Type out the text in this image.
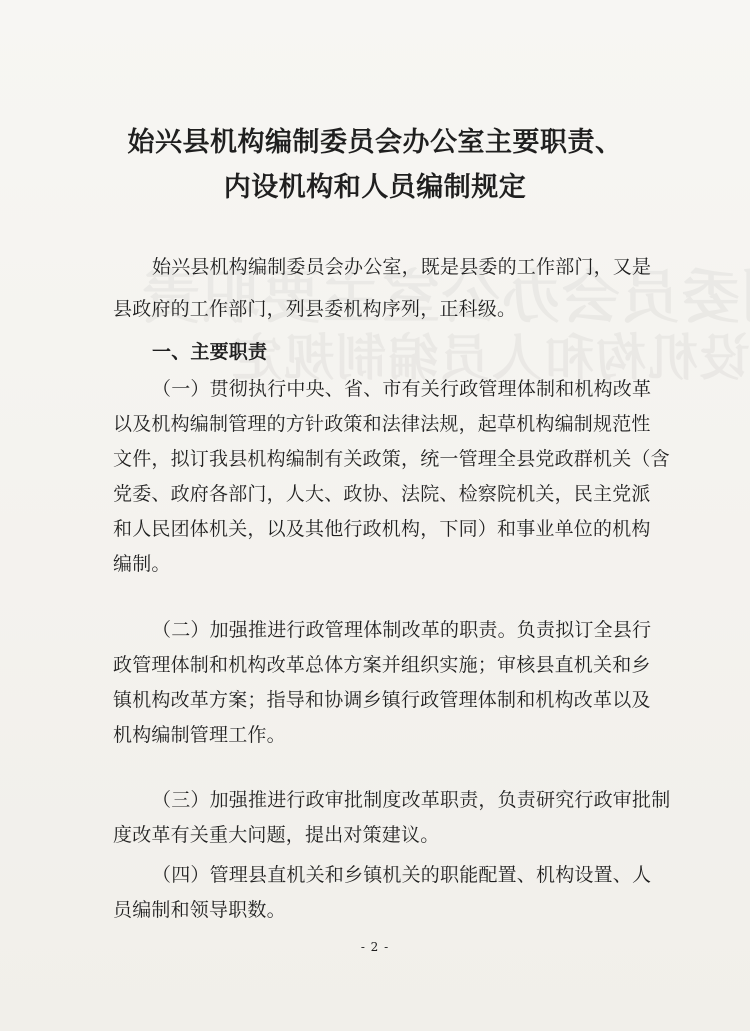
始兴县机构编制委员会办公室主要职责、
内设机构和人员编制规定
始兴县机构编制委员会办公室，既是县委的工作部门，又是
县政府的工作部门，列县委机构序列，正科级。
一、主要职责
（一）贯彻执行中央、省、市有关行政管理体制和机构改革
以及机构编制管理的方针政策和法律法规，起草机构编制规范性
文件，拟订我县机构编制有关政策，统一管理全县党政群机关（含
党委、政府各部门，人大、政协、法院、检察院机关，民主党派
和人民团体机关，以及其他行政机构，下同）和事业单位的机构
编制。
（二）加强推进行政管理体制改革的职责。负责拟订全县行
政管理体制和机构改革总体方案并组织实施；审核县直机关和乡
镇机构改革方案；指导和协调乡镇行政管理体制和机构改革以及
机构编制管理工作。
（三）加强推进行政审批制度改革职责，负责研究行政审批制
度改革有关重大问题，提出对策建议。
（四）管理县直机关和乡镇机关的职能配置、机构设置、人
员编制和领导职数。
- 2 -
